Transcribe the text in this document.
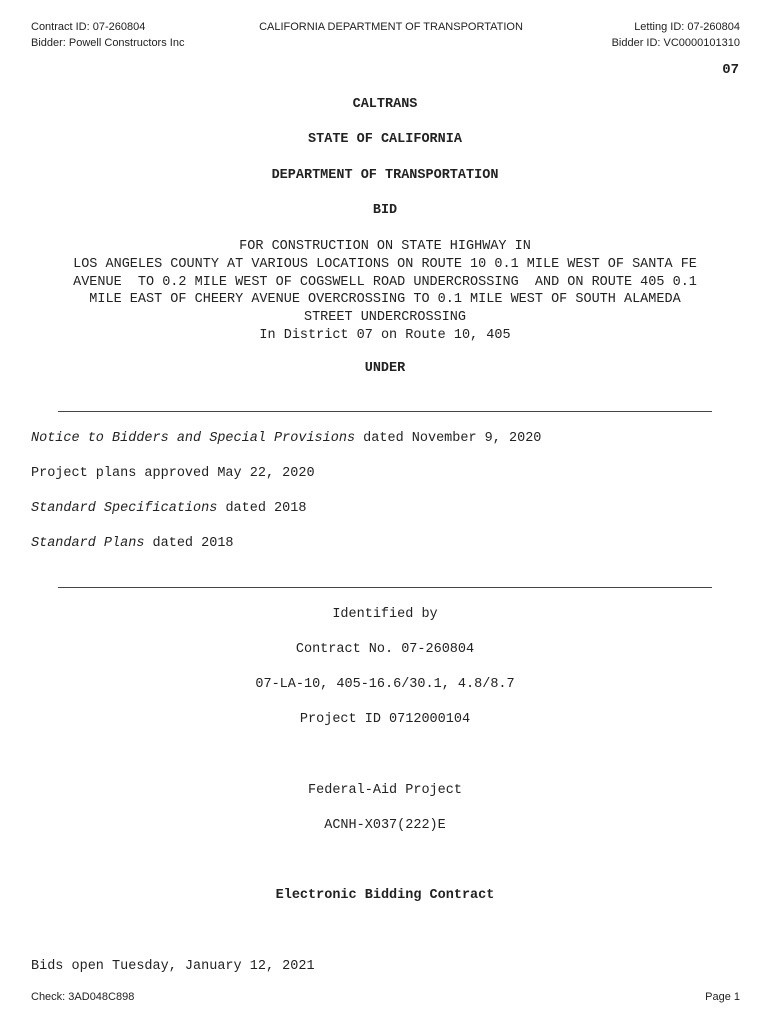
Contract ID: 07-260804
Bidder: Powell Constructors Inc
CALIFORNIA DEPARTMENT OF TRANSPORTATION	Letting ID: 07-260804
Bidder ID: VC0000101310
07
CALTRANS
STATE OF CALIFORNIA
DEPARTMENT OF TRANSPORTATION
BID
FOR CONSTRUCTION ON STATE HIGHWAY IN
LOS ANGELES COUNTY AT VARIOUS LOCATIONS ON ROUTE 10 0.1 MILE WEST OF SANTA FE
AVENUE  TO 0.2 MILE WEST OF COGSWELL ROAD UNDERCROSSING  AND ON ROUTE 405 0.1
MILE EAST OF CHEERY AVENUE OVERCROSSING TO 0.1 MILE WEST OF SOUTH ALAMEDA
STREET UNDERCROSSING
In District 07 on Route 10, 405
UNDER
Notice to Bidders and Special Provisions dated November 9, 2020
Project plans approved May 22, 2020
Standard Specifications dated 2018
Standard Plans dated 2018
Identified by
Contract No. 07-260804
07-LA-10, 405-16.6/30.1, 4.8/8.7
Project ID 0712000104
Federal-Aid Project
ACNH-X037(222)E
Electronic Bidding Contract
Bids open Tuesday, January 12, 2021
Check: 3AD048C898	Page 1
